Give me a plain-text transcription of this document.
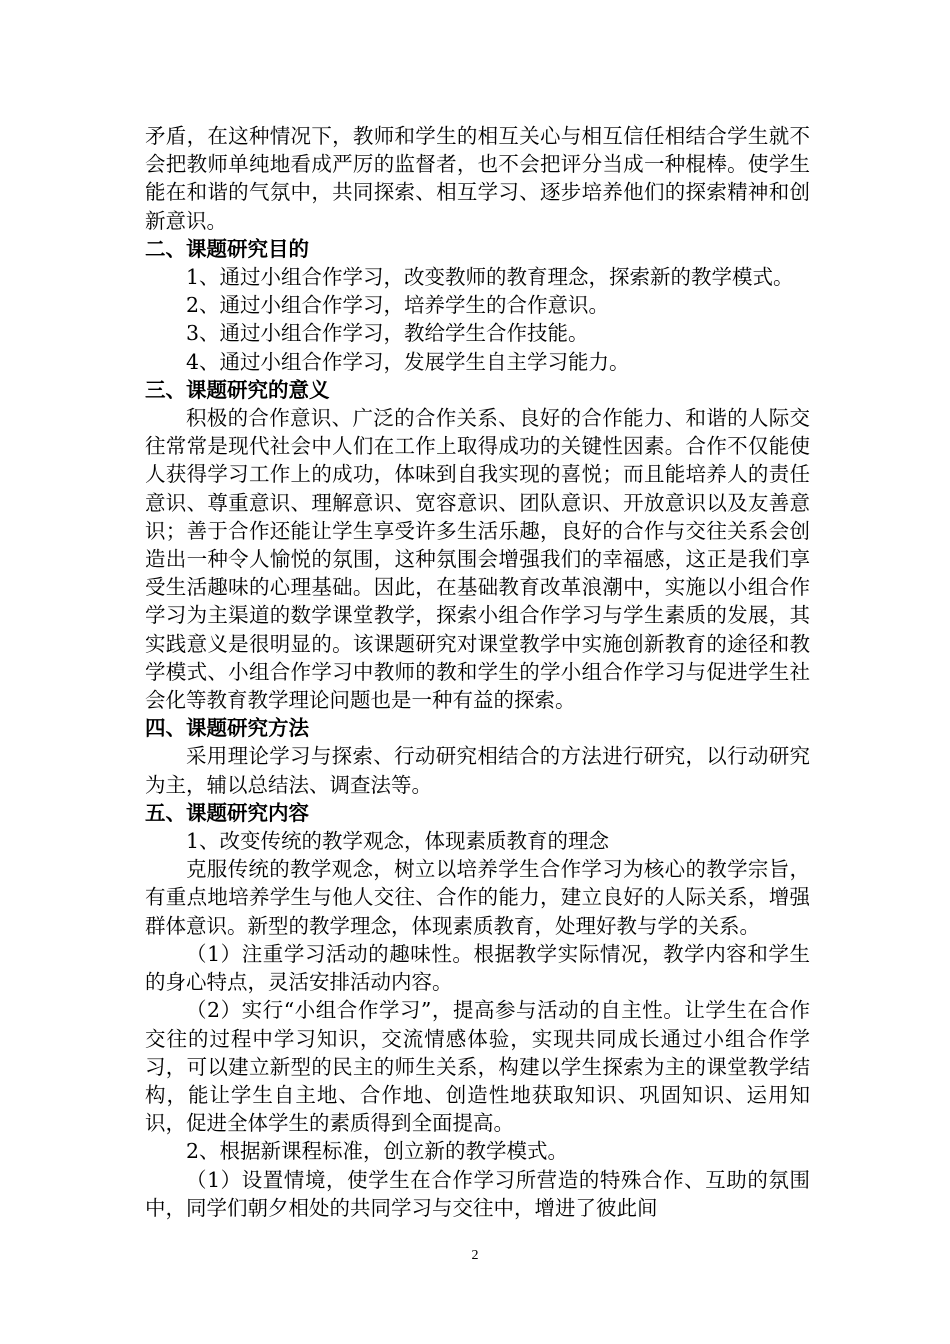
矛盾，在这种情况下，教师和学生的相互关心与相互信任相结合学生就不会把教师单纯地看成严厉的监督者，也不会把评分当成一种棍棒。使学生能在和谐的气氛中，共同探索、相互学习、逐步培养他们的探索精神和创新意识。

二、课题研究目的

1、通过小组合作学习，改变教师的教育理念，探索新的教学模式。

2、通过小组合作学习，培养学生的合作意识。

3、通过小组合作学习，教给学生合作技能。

4、通过小组合作学习，发展学生自主学习能力。

三、课题研究的意义

积极的合作意识、广泛的合作关系、良好的合作能力、和谐的人际交往常常是现代社会中人们在工作上取得成功的关键性因素。合作不仅能使人获得学习工作上的成功，体味到自我实现的喜悦；而且能培养人的责任意识、尊重意识、理解意识、宽容意识、团队意识、开放意识以及友善意识；善于合作还能让学生享受许多生活乐趣，良好的合作与交往关系会创造出一种令人愉悦的氛围，这种氛围会增强我们的幸福感，这正是我们享受生活趣味的心理基础。因此，在基础教育改革浪潮中，实施以小组合作学习为主渠道的数学课堂教学，探索小组合作学习与学生素质的发展，其实践意义是很明显的。该课题研究对课堂教学中实施创新教育的途径和教学模式、小组合作学习中教师的教和学生的学小组合作学习与促进学生社会化等教育教学理论问题也是一种有益的探索。

四、课题研究方法

采用理论学习与探索、行动研究相结合的方法进行研究，以行动研究为主，辅以总结法、调查法等。

五、课题研究内容

1、改变传统的教学观念，体现素质教育的理念

克服传统的教学观念，树立以培养学生合作学习为核心的教学宗旨，有重点地培养学生与他人交往、合作的能力，建立良好的人际关系，增强群体意识。新型的教学理念，体现素质教育，处理好教与学的关系。

（1）注重学习活动的趣味性。根据教学实际情况，教学内容和学生的身心特点，灵活安排活动内容。

（2）实行“小组合作学习”，提高参与活动的自主性。让学生在合作交往的过程中学习知识，交流情感体验，实现共同成长通过小组合作学习，可以建立新型的民主的师生关系，构建以学生探索为主的课堂教学结构，能让学生自主地、合作地、创造性地获取知识、巩固知识、运用知识，促进全体学生的素质得到全面提高。

2、根据新课程标准，创立新的教学模式。

（1）设置情境，使学生在合作学习所营造的特殊合作、互助的氛围中，同学们朝夕相处的共同学习与交往中，增进了彼此间

2
